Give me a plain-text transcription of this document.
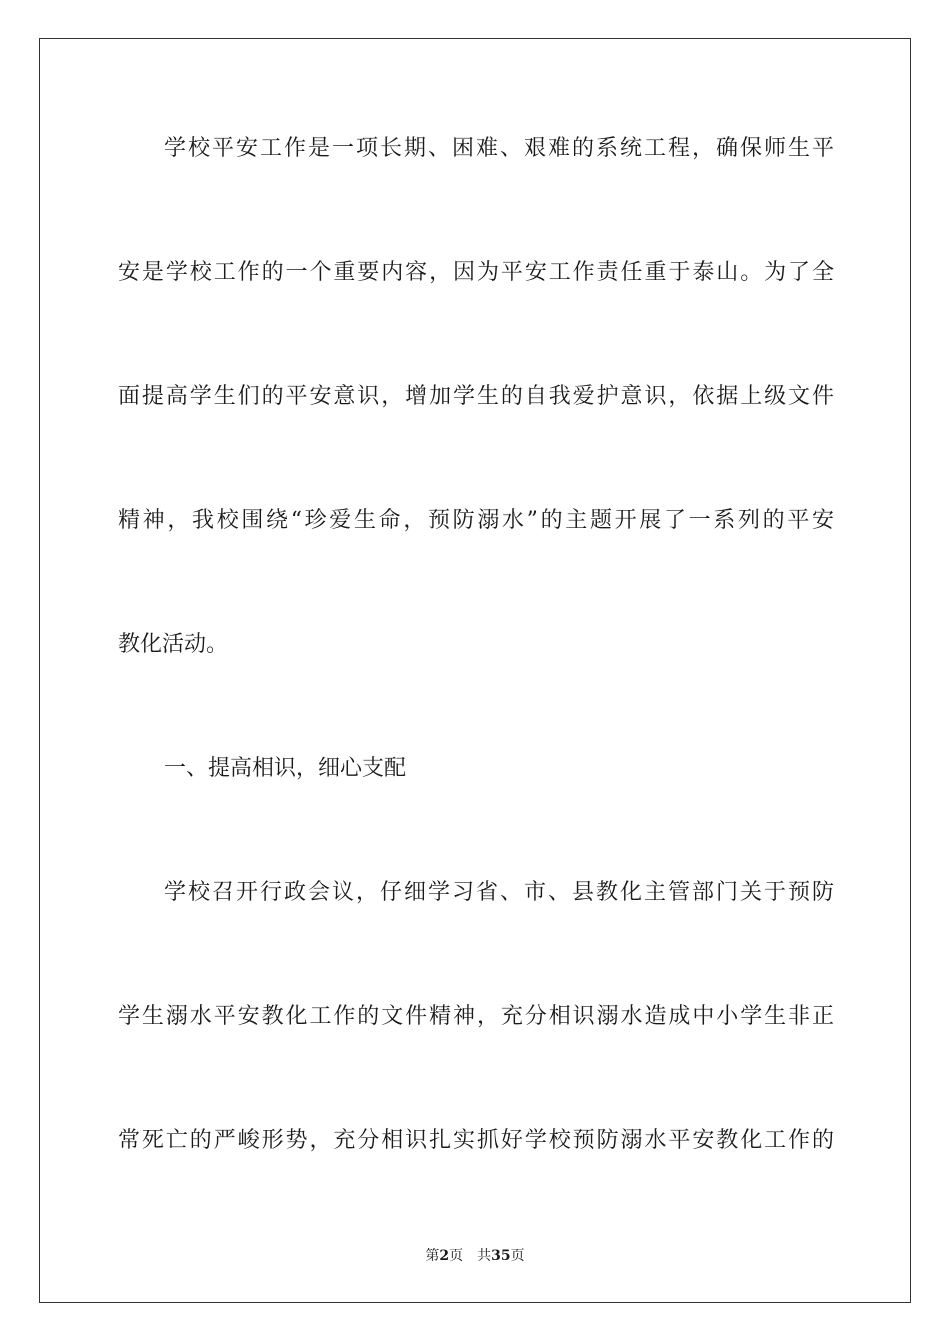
学校平安工作是一项长期、困难、艰难的系统工程，确保师生平
安是学校工作的一个重要内容，因为平安工作责任重于泰山。为了全
面提高学生们的平安意识，增加学生的自我爱护意识，依据上级文件
精神，我校围绕“珍爱生命，预防溺水”的主题开展了一系列的平安
教化活动。
一、提高相识，细心支配
学校召开行政会议，仔细学习省、市、县教化主管部门关于预防
学生溺水平安教化工作的文件精神，充分相识溺水造成中小学生非正
常死亡的严峻形势，充分相识扎实抓好学校预防溺水平安教化工作的
第2页 共35页
